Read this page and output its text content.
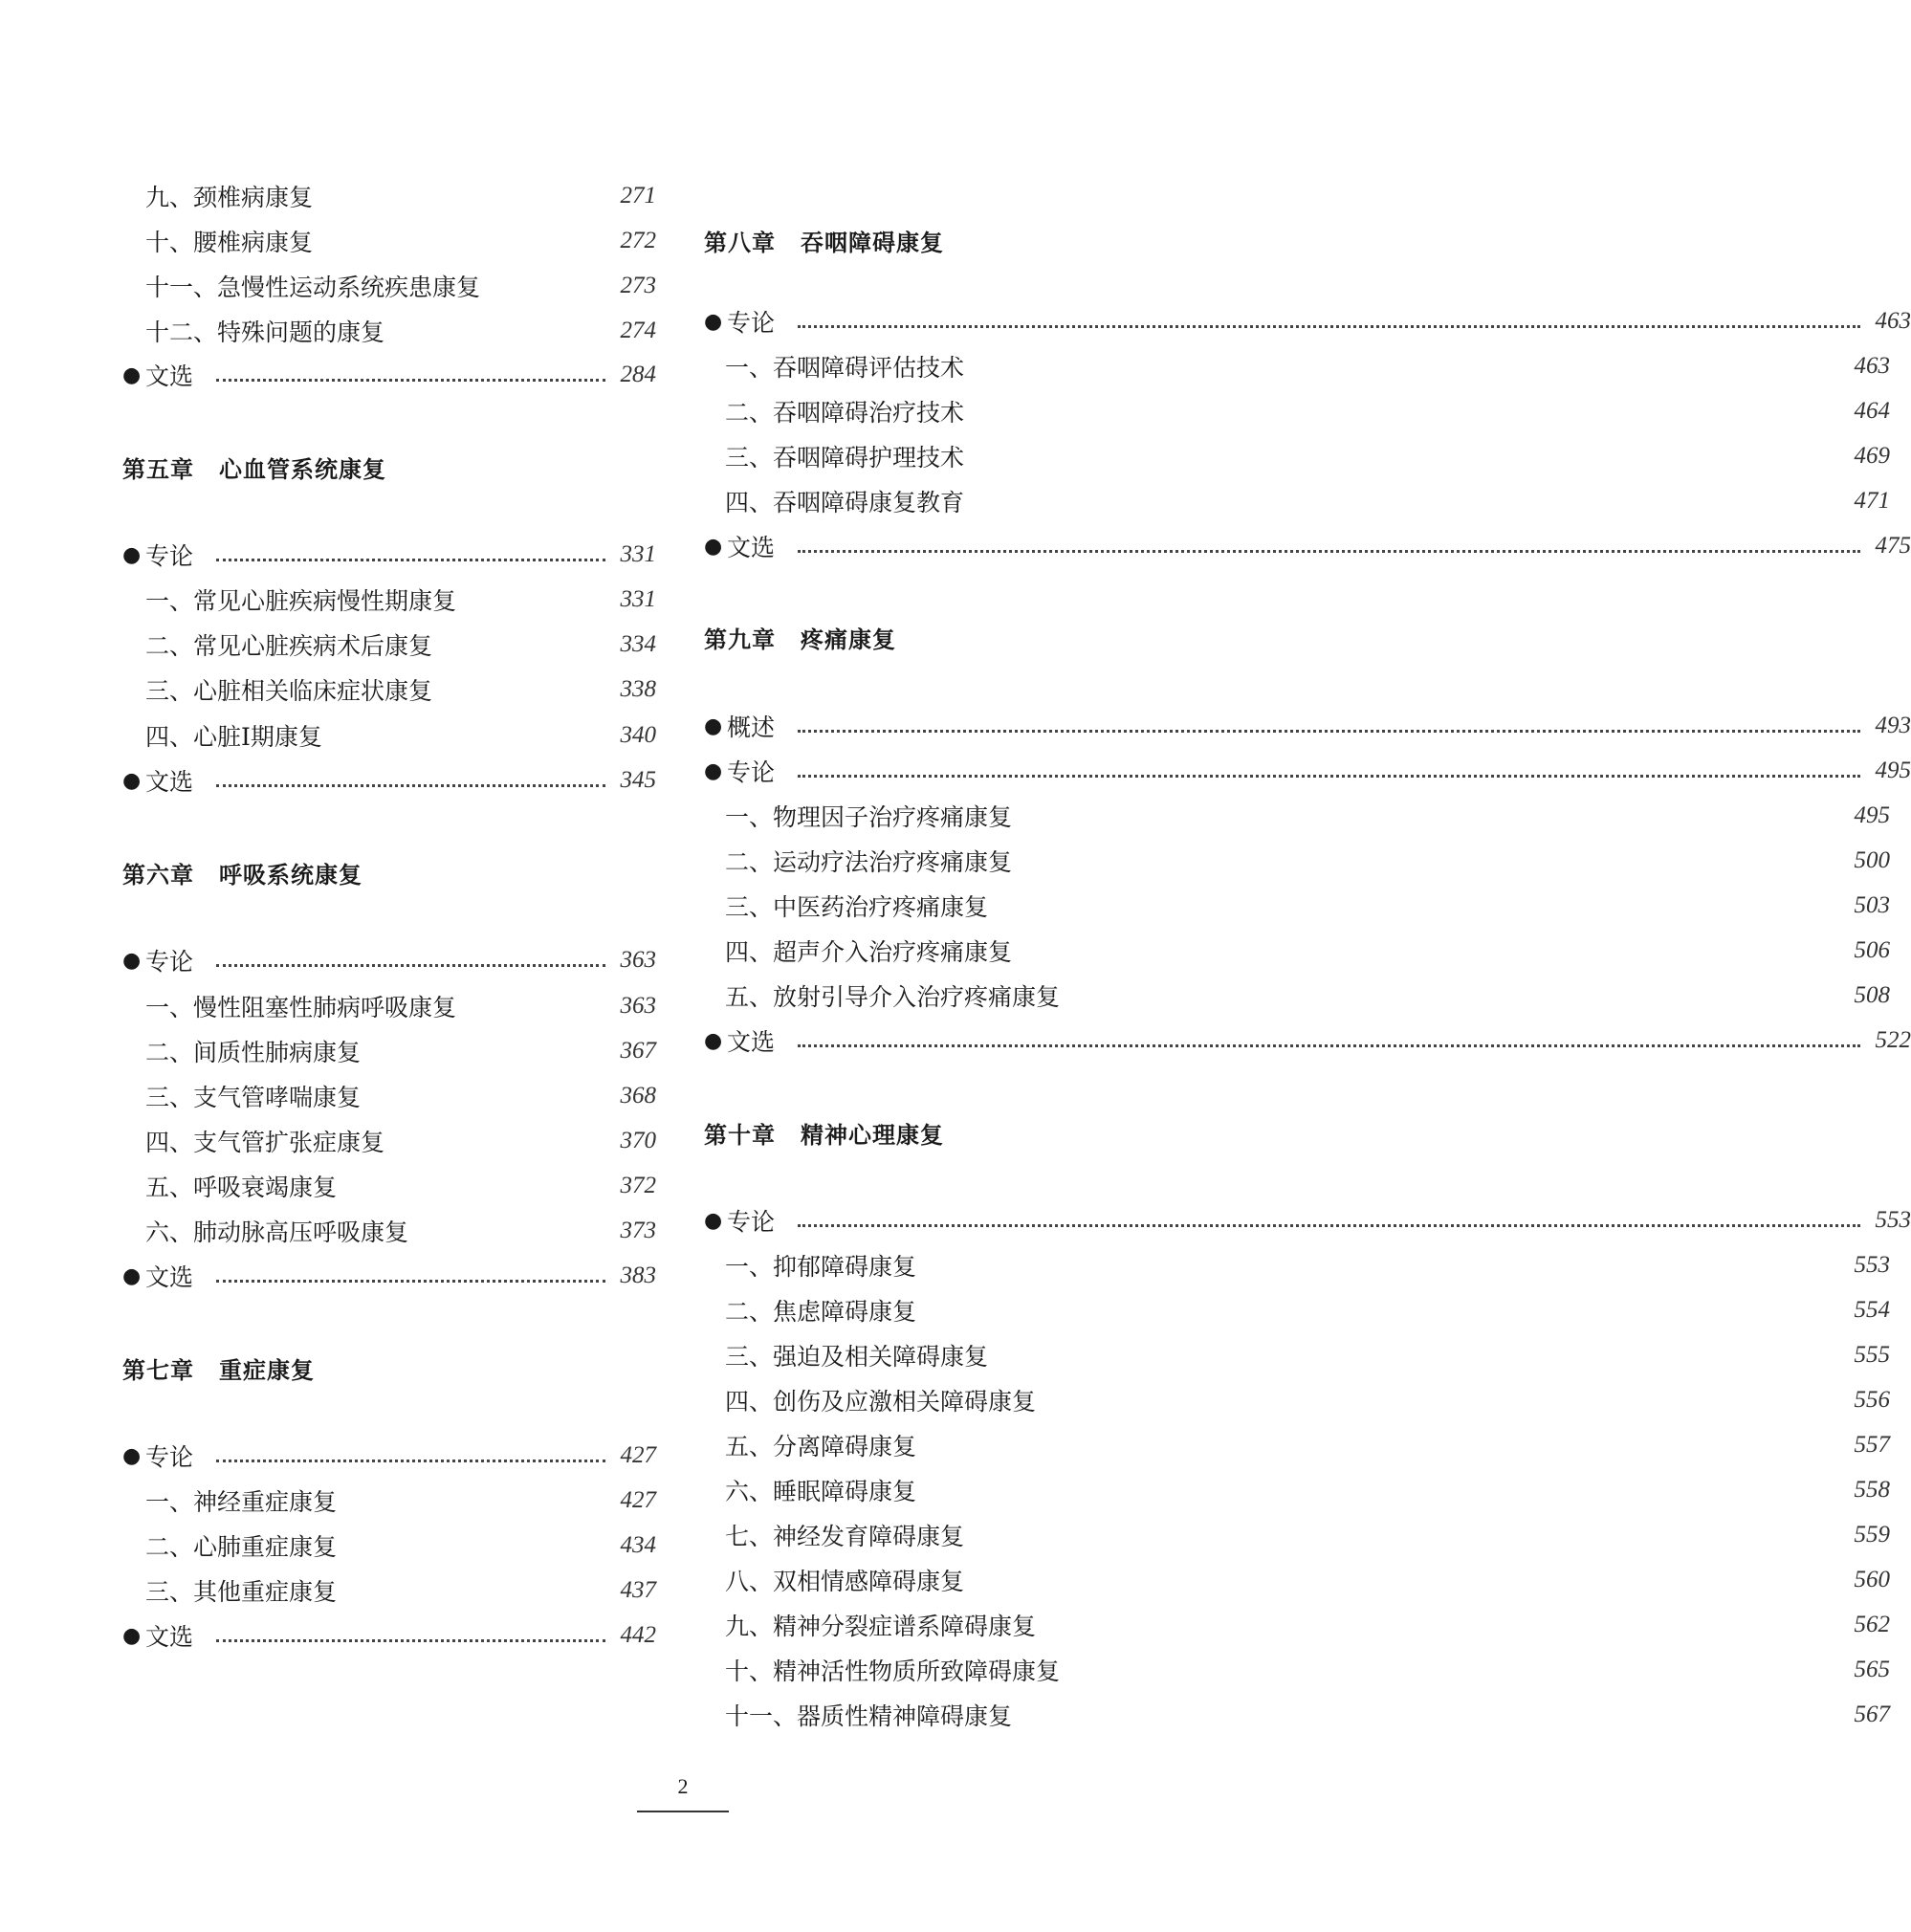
九、颈椎病康复	271
十、腰椎病康复	272
十一、急慢性运动系统疾患康复	273
十二、特殊问题的康复	274
● 文选	284
第五章 心血管系统康复
● 专论	331
一、常见心脏疾病慢性期康复	331
二、常见心脏疾病术后康复	334
三、心脏相关临床症状康复	338
四、心脏Ⅰ期康复	340
● 文选	345
第六章 呼吸系统康复
● 专论	363
一、慢性阻塞性肺病呼吸康复	363
二、间质性肺病康复	367
三、支气管哮喘康复	368
四、支气管扩张症康复	370
五、呼吸衰竭康复	372
六、肺动脉高压呼吸康复	373
● 文选	383
第七章 重症康复
● 专论	427
一、神经重症康复	427
二、心肺重症康复	434
三、其他重症康复	437
● 文选	442
第八章 吞咽障碍康复
● 专论	463
一、吞咽障碍评估技术	463
二、吞咽障碍治疗技术	464
三、吞咽障碍护理技术	469
四、吞咽障碍康复教育	471
● 文选	475
第九章 疼痛康复
● 概述	493
● 专论	495
一、物理因子治疗疼痛康复	495
二、运动疗法治疗疼痛康复	500
三、中医药治疗疼痛康复	503
四、超声介入治疗疼痛康复	506
五、放射引导介入治疗疼痛康复	508
● 文选	522
第十章 精神心理康复
● 专论	553
一、抑郁障碍康复	553
二、焦虑障碍康复	554
三、强迫及相关障碍康复	555
四、创伤及应激相关障碍康复	556
五、分离障碍康复	557
六、睡眠障碍康复	558
七、神经发育障碍康复	559
八、双相情感障碍康复	560
九、精神分裂症谱系障碍康复	562
十、精神活性物质所致障碍康复	565
十一、器质性精神障碍康复	567
2
